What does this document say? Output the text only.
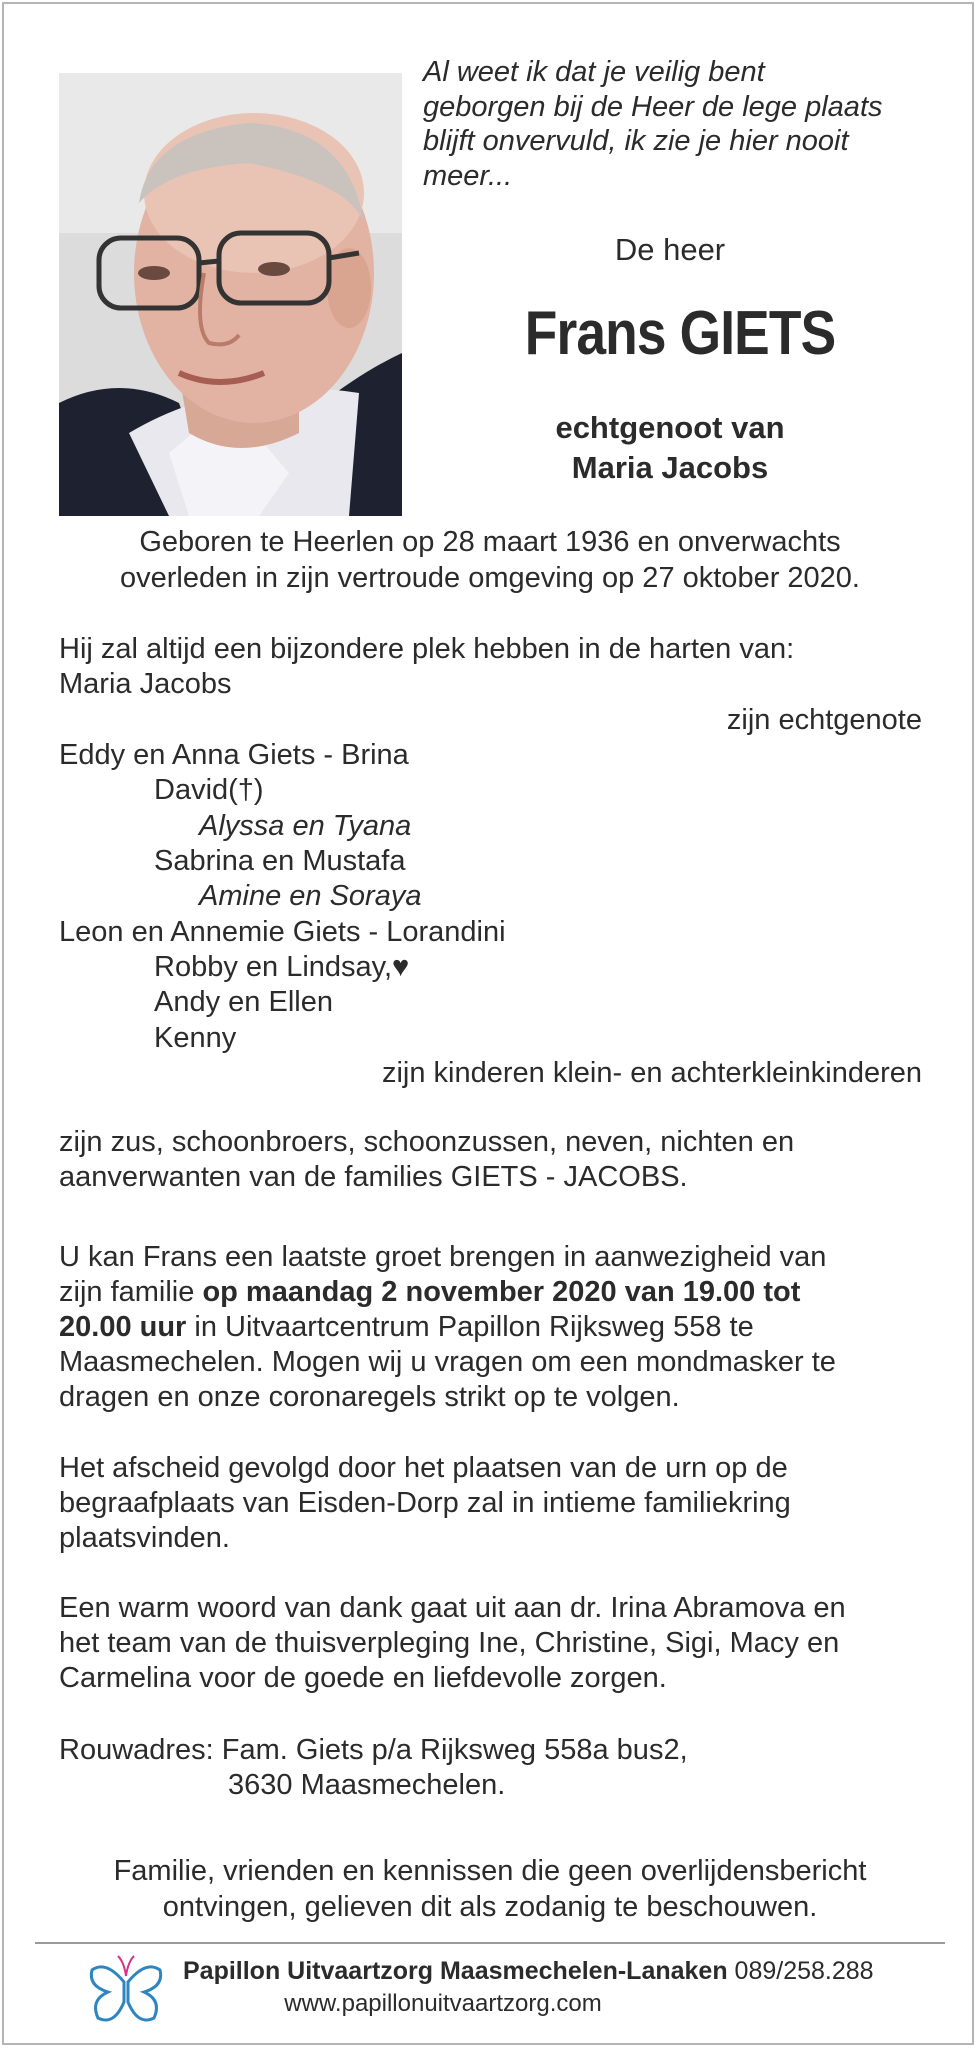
Al weet ik dat je veilig bent
geborgen bij de Heer de lege plaats
blijft onvervuld, ik zie je hier nooit
meer...
De heer
Frans GIETS
echtgenoot van
Maria Jacobs
Geboren te Heerlen op 28 maart 1936 en onverwachts
overleden in zijn vertroude omgeving op 27 oktober 2020.
Hij zal altijd een bijzondere plek hebben in de harten van:
Maria Jacobs
zijn echtgenote
Eddy en Anna Giets - Brina
David(†)
Alyssa en Tyana
Sabrina en Mustafa
Amine en Soraya
Leon en Annemie Giets - Lorandini
Robby en Lindsay,♥
Andy en Ellen
Kenny
zijn kinderen klein- en achterkleinkinderen
zijn zus, schoonbroers, schoonzussen, neven, nichten en
aanverwanten van de families GIETS - JACOBS.
U kan Frans een laatste groet brengen in aanwezigheid van
zijn familie op maandag 2 november 2020 van 19.00 tot
20.00 uur in Uitvaartcentrum Papillon Rijksweg 558 te
Maasmechelen. Mogen wij u vragen om een mondmasker te
dragen en onze coronaregels strikt op te volgen.
Het afscheid gevolgd door het plaatsen van de urn op de
begraafplaats van Eisden-Dorp zal in intieme familiekring
plaatsvinden.
Een warm woord van dank gaat uit aan dr. Irina Abramova en
het team van de thuisverpleging Ine, Christine, Sigi, Macy en
Carmelina voor de goede en liefdevolle zorgen.
Rouwadres: Fam. Giets p/a Rijksweg 558a bus2,
3630 Maasmechelen.
Familie, vrienden en kennissen die geen overlijdensbericht
ontvingen, gelieven dit als zodanig te beschouwen.
Papillon Uitvaartzorg Maasmechelen-Lanaken 089/258.288
www.papillonuitvaartzorg.com
